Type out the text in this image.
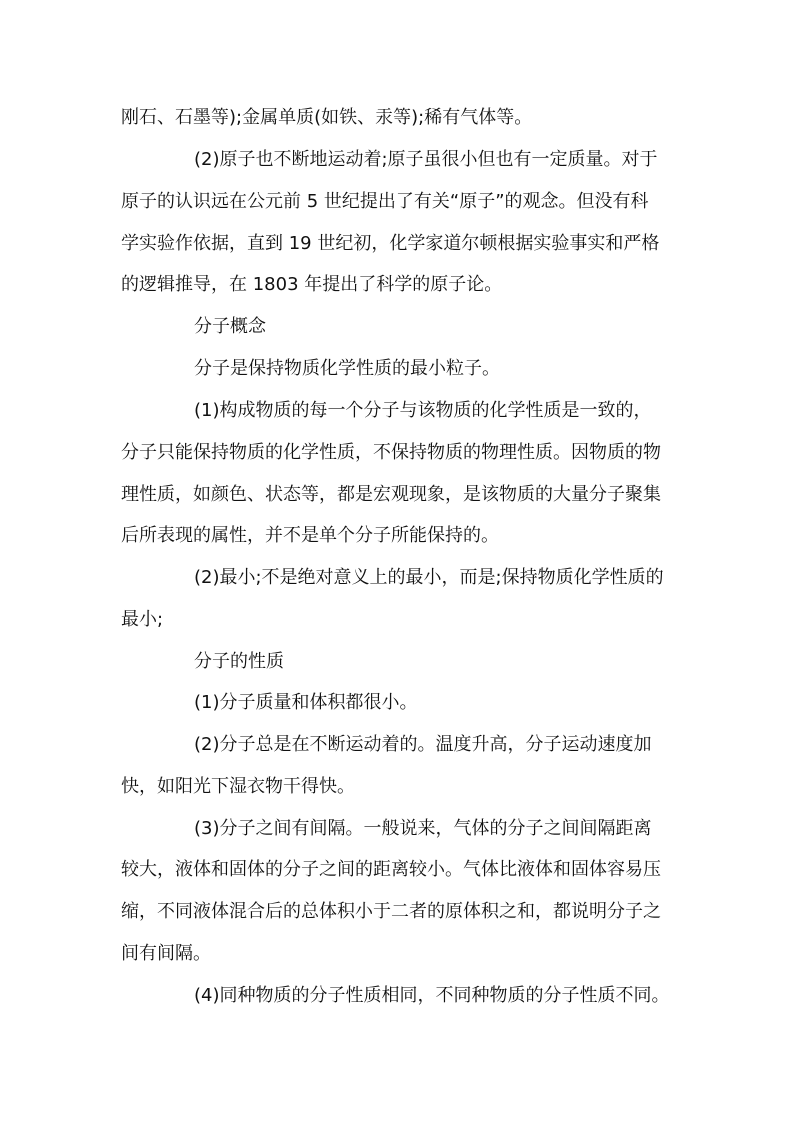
刚石、石墨等);金属单质(如铁、汞等);稀有气体等。
(2)原子也不断地运动着;原子虽很小但也有一定质量。对于
原子的认识远在公元前 5 世纪提出了有关“原子”的观念。但没有科
学实验作依据，直到 19 世纪初，化学家道尔顿根据实验事实和严格
的逻辑推导，在 1803 年提出了科学的原子论。
分子概念
分子是保持物质化学性质的最小粒子。
(1)构成物质的每一个分子与该物质的化学性质是一致的，
分子只能保持物质的化学性质，不保持物质的物理性质。因物质的物
理性质，如颜色、状态等，都是宏观现象，是该物质的大量分子聚集
后所表现的属性，并不是单个分子所能保持的。
(2)最小;不是绝对意义上的最小，而是;保持物质化学性质的
最小;
分子的性质
(1)分子质量和体积都很小。
(2)分子总是在不断运动着的。温度升高，分子运动速度加
快，如阳光下湿衣物干得快。
(3)分子之间有间隔。一般说来，气体的分子之间间隔距离
较大，液体和固体的分子之间的距离较小。气体比液体和固体容易压
缩，不同液体混合后的总体积小于二者的原体积之和，都说明分子之
间有间隔。
(4)同种物质的分子性质相同，不同种物质的分子性质不同。
